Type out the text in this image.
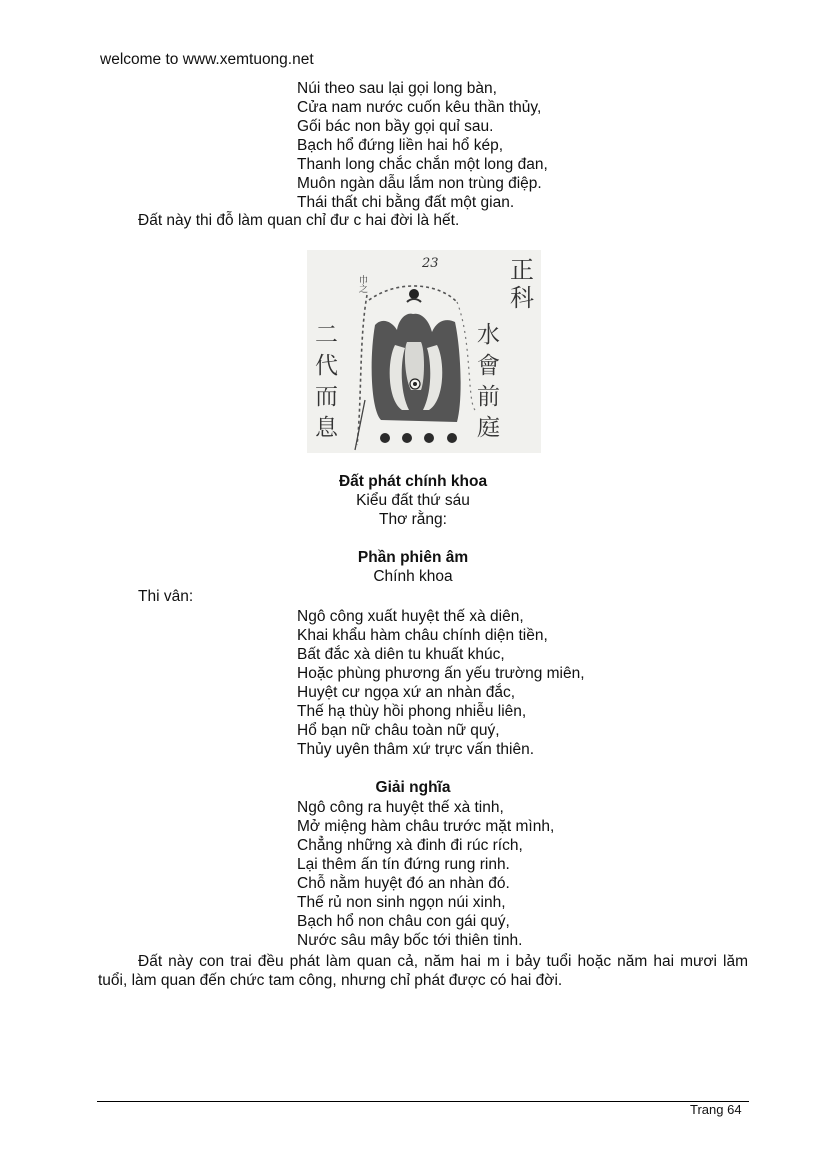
welcome to www.xemtuong.net
Núi theo sau lại gọi long bàn,
Cửa nam nước cuốn kêu thần thủy,
Gối bác non bầy gọi quỉ sau.
Bạch hổ đứng liền hai hổ kép,
Thanh long chắc chắn một long đan,
Muôn ngàn dẫu lắm non trùng điệp.
Thái thất chi bằng đất một gian.
Đất này thi đỗ làm quan chỉ đư c hai đời là hết.
23
巾之
正科
水會前庭
二代而息
Đất phát chính khoa
Kiểu đất thứ sáu
Thơ rằng:
Phần phiên âm
Chính khoa
Thi vân:
Ngô công xuất huyệt thế xà diên,
Khai khẩu hàm châu chính diện tiền,
Bất đắc xà diên tu khuất khúc,
Hoặc phùng phương ấn yếu trường miên,
Huyệt cư ngọa xứ an nhàn đắc,
Thế hạ thùy hồi phong nhiễu liên,
Hổ bạn nữ châu toàn nữ quý,
Thủy uyên thâm xứ trực vấn thiên.
Giải nghĩa
Ngô công ra huyệt thế xà tinh,
Mở miệng hàm châu trước mặt mình,
Chẳng những xà đinh đi rúc rích,
Lại thêm ấn tín đứng rung rinh.
Chỗ nằm huyệt đó an nhàn đó.
Thế rủ non sinh ngọn núi xinh,
Bạch hổ non châu con gái quý,
Nước sâu mây bốc tới thiên tinh.
Đất này con trai đều phát làm quan cả, năm hai m i bảy tuổi hoặc năm hai mươi lăm tuổi, làm quan đến chức tam công, nhưng chỉ phát được có hai đời.
Trang 64
